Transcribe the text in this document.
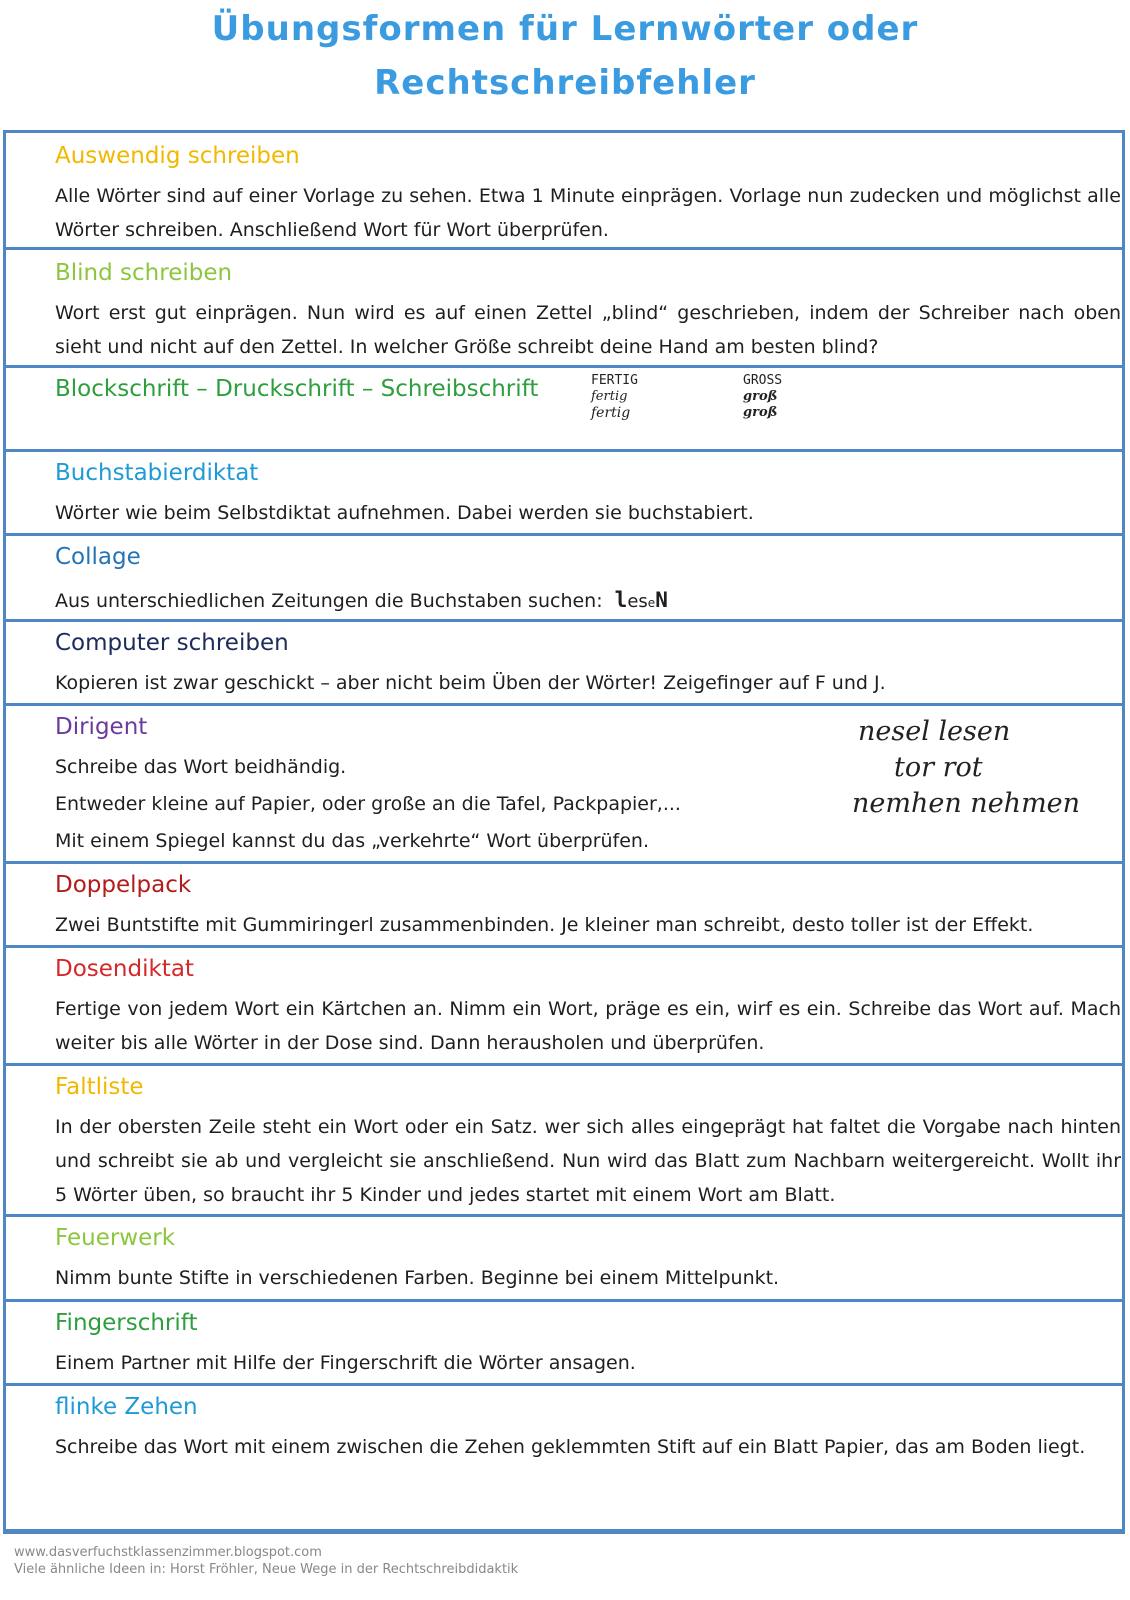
Übungsformen für Lernwörter oder
Rechtschreibfehler
Auswendig schreiben
Alle Wörter sind auf einer Vorlage zu sehen. Etwa 1 Minute einprägen. Vorlage nun zudecken und möglichst alle Wörter schreiben. Anschließend Wort für Wort überprüfen.
Blind schreiben
Wort erst gut einprägen. Nun wird es auf einen Zettel „blind“ geschrieben, indem der Schreiber nach oben sieht und nicht auf den Zettel. In welcher Größe schreibt deine Hand am besten blind?
Blockschrift – Druckschrift – Schreibschrift	FERTIG
fertig
fertig
GROSS
groß
groß
Buchstabierdiktat
Wörter wie beim Selbstdiktat aufnehmen. Dabei werden sie buchstabiert.
Collage
Aus unterschiedlichen Zeitungen die Buchstaben suchen: leseN
Computer schreiben
Kopieren ist zwar geschickt – aber nicht beim Üben der Wörter! Zeigefinger auf F und J.
Dirigent
Schreibe das Wort beidhändig.
Entweder kleine auf Papier, oder große an die Tafel, Packpapier,...
Mit einem Spiegel kannst du das „verkehrte“ Wort überprüfen.
nesel lesen
tor rot
nemhen nehmen
Doppelpack
Zwei Buntstifte mit Gummiringerl zusammenbinden. Je kleiner man schreibt, desto toller ist der Effekt.
Dosendiktat
Fertige von jedem Wort ein Kärtchen an. Nimm ein Wort, präge es ein, wirf es ein. Schreibe das Wort auf. Mach weiter bis alle Wörter in der Dose sind. Dann herausholen und überprüfen.
Faltliste
In der obersten Zeile steht ein Wort oder ein Satz. wer sich alles eingeprägt hat faltet die Vorgabe nach hinten und schreibt sie ab und vergleicht sie anschließend. Nun wird das Blatt zum Nachbarn weitergereicht. Wollt ihr 5 Wörter üben, so braucht ihr 5 Kinder und jedes startet mit einem Wort am Blatt.
Feuerwerk
Nimm bunte Stifte in verschiedenen Farben. Beginne bei einem Mittelpunkt.
Fingerschrift
Einem Partner mit Hilfe der Fingerschrift die Wörter ansagen.
flinke Zehen
Schreibe das Wort mit einem zwischen die Zehen geklemmten Stift auf ein Blatt Papier, das am Boden liegt.
www.dasverfuchstklassenzimmer.blogspot.com
Viele ähnliche Ideen in: Horst Fröhler, Neue Wege in der Rechtschreibdidaktik
